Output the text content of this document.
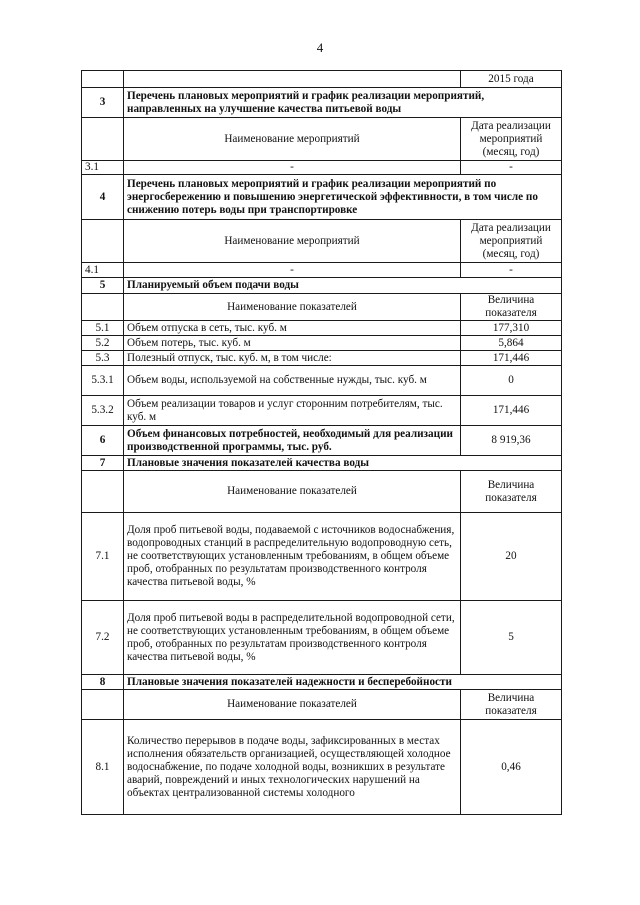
4
		2015 года
3	Перечень плановых мероприятий и график реализации мероприятий, направленных на улучшение качества питьевой воды	
	Наименование мероприятий	Дата реализации мероприятий (месяц, год)
3.1	-	-
4	Перечень плановых мероприятий и график реализации мероприятий по энергосбережению и повышению энергетической эффективности, в том числе по снижению потерь воды при транспортировке	
	Наименование мероприятий	Дата реализации мероприятий (месяц, год)
4.1	-	-
5	Планируемый объем подачи воды	
	Наименование показателей	Величина показателя
5.1	Объем отпуска в сеть, тыс. куб. м	177,310
5.2	Объем потерь, тыс. куб. м	5,864
5.3	Полезный отпуск, тыс. куб. м, в том числе:	171,446
5.3.1	Объем воды, используемой на собственные нужды, тыс. куб. м	0
5.3.2	Объем реализации товаров и услуг сторонним потребителям, тыс. куб. м	171,446
6	Объем финансовых потребностей, необходимый для реализации производственной программы, тыс. руб.	8 919,36
7	Плановые значения показателей качества воды	
	Наименование показателей	Величина показателя
7.1	Доля проб питьевой воды, подаваемой с источников водоснабжения, водопроводных станций в распределительную водопроводную сеть, не соответствующих установленным требованиям, в общем объеме проб, отобранных по результатам производственного контроля качества питьевой воды, %	20
7.2	Доля проб питьевой воды в распределительной водопроводной сети, не соответствующих установленным требованиям, в общем объеме проб, отобранных по результатам производственного контроля качества питьевой воды, %	5
8	Плановые значения показателей надежности и бесперебойности	
	Наименование показателей	Величина показателя
8.1	Количество перерывов в подаче воды, зафиксированных в местах исполнения обязательств организацией, осуществляющей холодное водоснабжение, по подаче холодной воды, возникших в результате аварий, повреждений и иных технологических нарушений на объектах централизованной системы холодного	0,46
